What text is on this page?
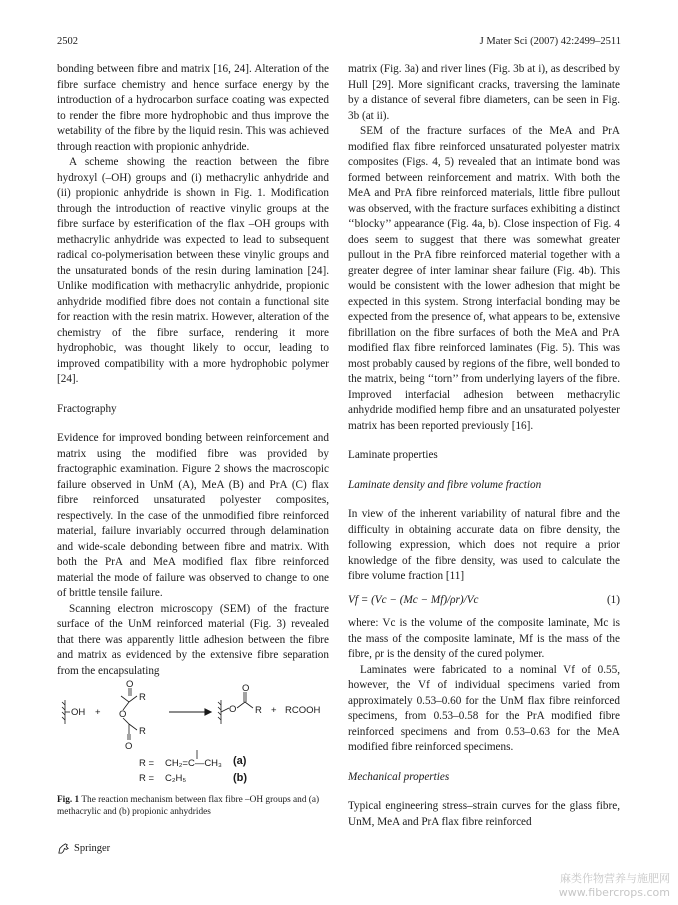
2502	J Mater Sci (2007) 42:2499–2511

bonding between fibre and matrix [16, 24]. Alteration of the fibre surface chemistry and hence surface energy by the introduction of a hydrocarbon surface coating was expected to render the fibre more hydrophobic and thus improve the wetability of the fibre by the liquid resin. This was achieved through reaction with propionic anhydride.

A scheme showing the reaction between the fibre hydroxyl (–OH) groups and (i) methacrylic anhydride and (ii) propionic anhydride is shown in Fig. 1. Modification through the introduction of reactive vinylic groups at the fibre surface by esterification of the flax –OH groups with methacrylic anhydride was expected to lead to subsequent radical co-polymerisation between these vinylic groups and the unsaturated bonds of the resin during lamination [24]. Unlike modification with methacrylic anhydride, propionic anhydride modified fibre does not contain a functional site for reaction with the resin matrix. However, alteration of the chemistry of the fibre surface, rendering it more hydrophobic, was thought likely to occur, leading to improved compatibility with a more hydrophobic polymer [24].

Fractography

Evidence for improved bonding between reinforcement and matrix using the modified fibre was provided by fractographic examination. Figure 2 shows the macroscopic failure observed in UnM (A), MeA (B) and PrA (C) flax fibre reinforced unsaturated polyester composites, respectively. In the case of the unmodified fibre reinforced material, failure invariably occurred through delamination and wide-scale debonding between fibre and matrix. With both the PrA and MeA modified flax fibre reinforced material the mode of failure was observed to change to one of brittle tensile failure.

Scanning electron microscopy (SEM) of the fracture surface of the UnM reinforced material (Fig. 3) revealed that there was apparently little adhesion between the fibre and matrix as evidenced by the extensive fibre separation from the encapsulating

OH +
O
O
O
R
R
O
O R + RCOOH
R = CH₂=C—CH₃ (a)
R = C₂H₅	(b)
Fig. 1 The reaction mechanism between flax fibre –OH groups and (a) methacrylic and (b) propionic anhydrides

matrix (Fig. 3a) and river lines (Fig. 3b at i), as described by Hull [29]. More significant cracks, traversing the laminate by a distance of several fibre diameters, can be seen in Fig. 3b (at ii).

SEM of the fracture surfaces of the MeA and PrA modified flax fibre reinforced unsaturated polyester matrix composites (Figs. 4, 5) revealed that an intimate bond was formed between reinforcement and matrix. With both the MeA and PrA fibre reinforced materials, little fibre pullout was observed, with the fracture surfaces exhibiting a distinct ‘‘blocky’’ appearance (Fig. 4a, b). Close inspection of Fig. 4 does seem to suggest that there was somewhat greater pullout in the PrA fibre reinforced material together with a greater degree of inter laminar shear failure (Fig. 4b). This would be consistent with the lower adhesion that might be expected in this system. Strong interfacial bonding may be expected from the presence of, what appears to be, extensive fibrillation on the fibre surfaces of both the MeA and PrA modified flax fibre reinforced laminates (Fig. 5). This was most probably caused by regions of the fibre, well bonded to the matrix, being ‘‘torn’’ from underlying layers of the fibre. Improved interfacial adhesion between methacrylic anhydride modified hemp fibre and an unsaturated polyester matrix has been reported previously [16].

Laminate properties
Laminate density and fibre volume fraction

In view of the inherent variability of natural fibre and the difficulty in obtaining accurate data on fibre density, the following expression, which does not require a prior knowledge of the fibre density, was used to calculate the fibre volume fraction [11]

Vf = (Vc − (Mc − Mf)/ρr)/Vc	(1)

where: Vc is the volume of the composite laminate, Mc is the mass of the composite laminate, Mf is the mass of the fibre, ρr is the density of the cured polymer.

Laminates were fabricated to a nominal Vf of 0.55, however, the Vf of individual specimens varied from approximately 0.53–0.60 for the UnM flax fibre reinforced specimens, from 0.53–0.58 for the PrA modified fibre reinforced specimens and from 0.53–0.63 for the MeA modified fibre reinforced specimens.

Mechanical properties

Typical engineering stress–strain curves for the glass fibre, UnM, MeA and PrA flax fibre reinforced

Springer
麻类作物营养与施肥网
www.fibercrops.com
